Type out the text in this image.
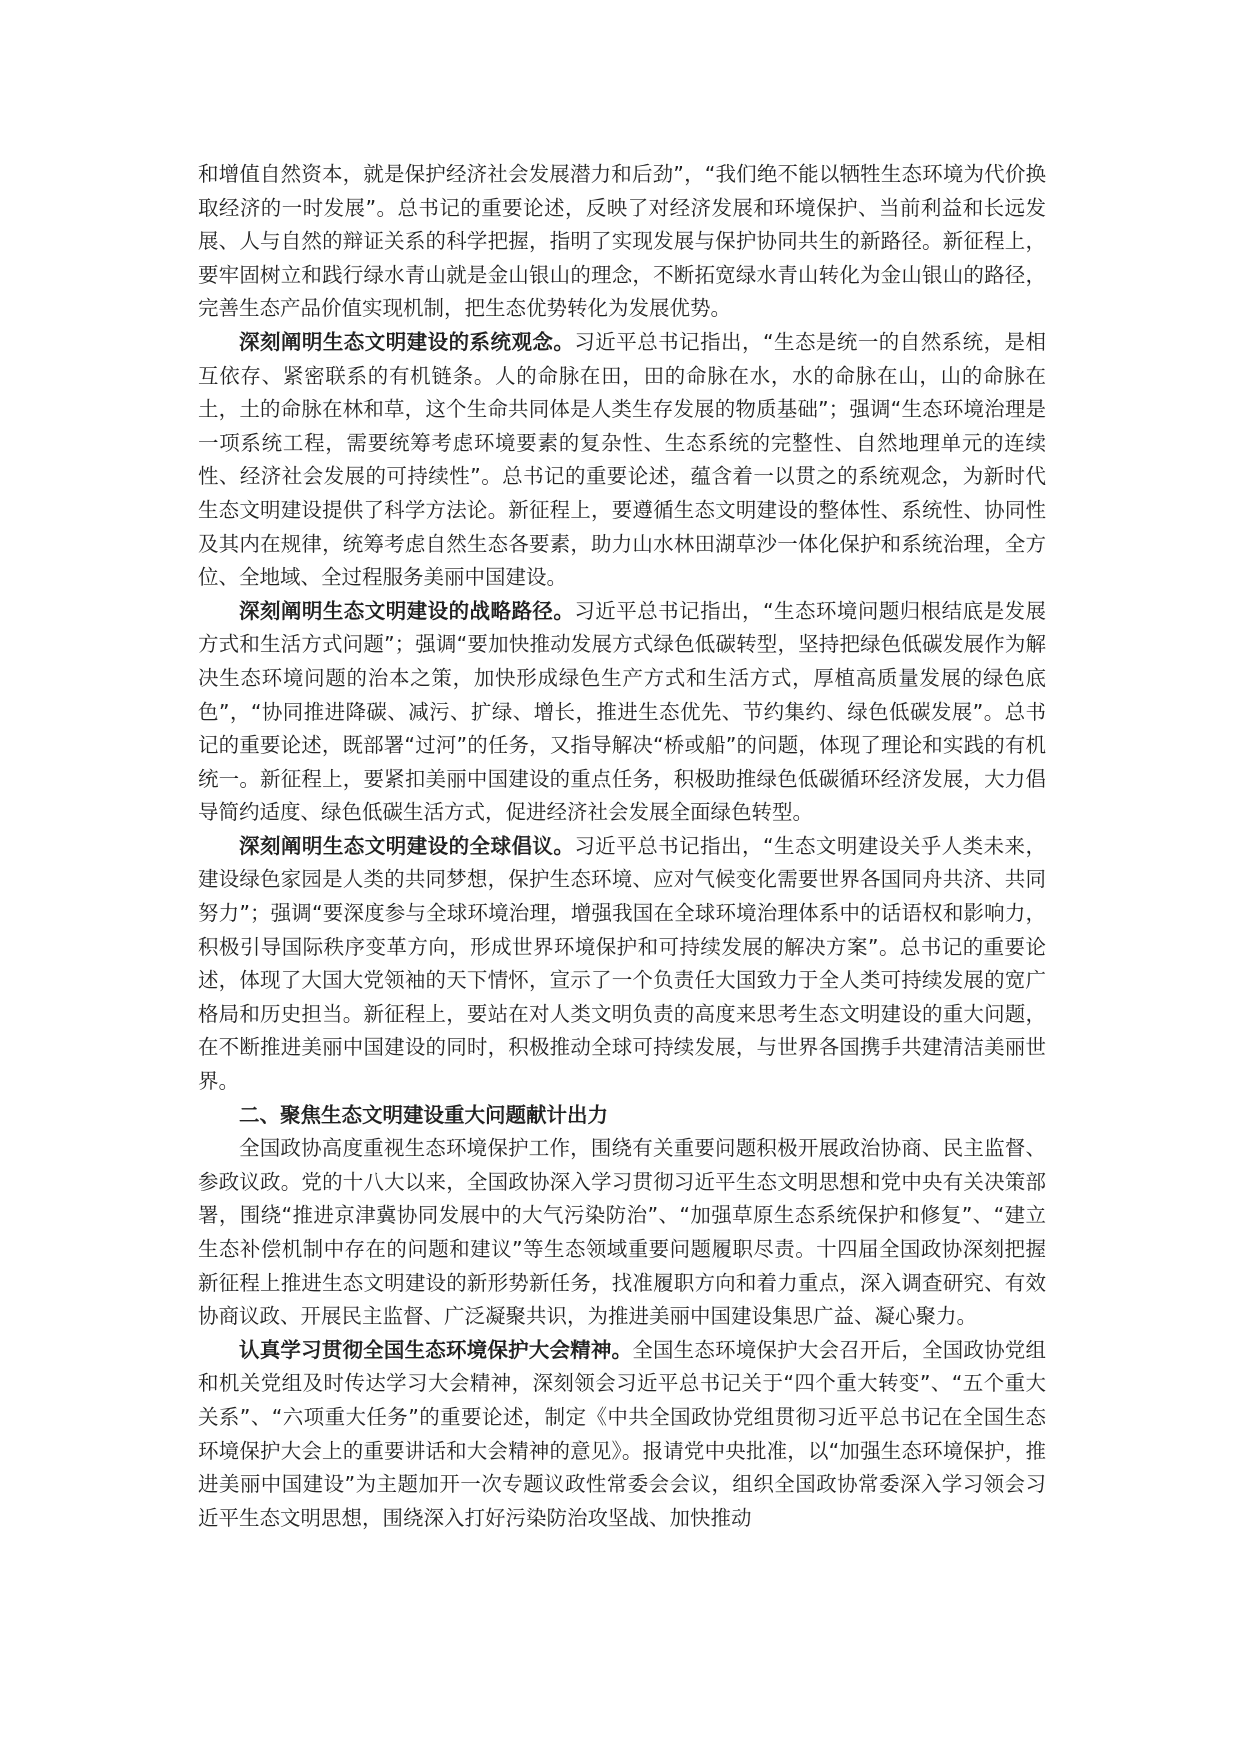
和增值自然资本，就是保护经济社会发展潜力和后劲”，“我们绝不能以牺牲生态环境为代价换取经济的一时发展”。总书记的重要论述，反映了对经济发展和环境保护、当前利益和长远发展、人与自然的辩证关系的科学把握，指明了实现发展与保护协同共生的新路径。新征程上，要牢固树立和践行绿水青山就是金山银山的理念，不断拓宽绿水青山转化为金山银山的路径，完善生态产品价值实现机制，把生态优势转化为发展优势。

深刻阐明生态文明建设的系统观念。习近平总书记指出，“生态是统一的自然系统，是相互依存、紧密联系的有机链条。人的命脉在田，田的命脉在水，水的命脉在山，山的命脉在土，土的命脉在林和草，这个生命共同体是人类生存发展的物质基础”；强调“生态环境治理是一项系统工程，需要统筹考虑环境要素的复杂性、生态系统的完整性、自然地理单元的连续性、经济社会发展的可持续性”。总书记的重要论述，蕴含着一以贯之的系统观念，为新时代生态文明建设提供了科学方法论。新征程上，要遵循生态文明建设的整体性、系统性、协同性及其内在规律，统筹考虑自然生态各要素，助力山水林田湖草沙一体化保护和系统治理，全方位、全地域、全过程服务美丽中国建设。

深刻阐明生态文明建设的战略路径。习近平总书记指出，“生态环境问题归根结底是发展方式和生活方式问题”；强调“要加快推动发展方式绿色低碳转型，坚持把绿色低碳发展作为解决生态环境问题的治本之策，加快形成绿色生产方式和生活方式，厚植高质量发展的绿色底色”，“协同推进降碳、减污、扩绿、增长，推进生态优先、节约集约、绿色低碳发展”。总书记的重要论述，既部署“过河”的任务，又指导解决“桥或船”的问题，体现了理论和实践的有机统一。新征程上，要紧扣美丽中国建设的重点任务，积极助推绿色低碳循环经济发展，大力倡导简约适度、绿色低碳生活方式，促进经济社会发展全面绿色转型。

深刻阐明生态文明建设的全球倡议。习近平总书记指出，“生态文明建设关乎人类未来，建设绿色家园是人类的共同梦想，保护生态环境、应对气候变化需要世界各国同舟共济、共同努力”；强调“要深度参与全球环境治理，增强我国在全球环境治理体系中的话语权和影响力，积极引导国际秩序变革方向，形成世界环境保护和可持续发展的解决方案”。总书记的重要论述，体现了大国大党领袖的天下情怀，宣示了一个负责任大国致力于全人类可持续发展的宽广格局和历史担当。新征程上，要站在对人类文明负责的高度来思考生态文明建设的重大问题，在不断推进美丽中国建设的同时，积极推动全球可持续发展，与世界各国携手共建清洁美丽世界。

二、聚焦生态文明建设重大问题献计出力

全国政协高度重视生态环境保护工作，围绕有关重要问题积极开展政治协商、民主监督、参政议政。党的十八大以来，全国政协深入学习贯彻习近平生态文明思想和党中央有关决策部署，围绕“推进京津冀协同发展中的大气污染防治”、“加强草原生态系统保护和修复”、“建立生态补偿机制中存在的问题和建议”等生态领域重要问题履职尽责。十四届全国政协深刻把握新征程上推进生态文明建设的新形势新任务，找准履职方向和着力重点，深入调查研究、有效协商议政、开展民主监督、广泛凝聚共识，为推进美丽中国建设集思广益、凝心聚力。

认真学习贯彻全国生态环境保护大会精神。全国生态环境保护大会召开后，全国政协党组和机关党组及时传达学习大会精神，深刻领会习近平总书记关于“四个重大转变”、“五个重大关系”、“六项重大任务”的重要论述，制定《中共全国政协党组贯彻习近平总书记在全国生态环境保护大会上的重要讲话和大会精神的意见》。报请党中央批准，以“加强生态环境保护，推进美丽中国建设”为主题加开一次专题议政性常委会会议，组织全国政协常委深入学习领会习近平生态文明思想，围绕深入打好污染防治攻坚战、加快推动
